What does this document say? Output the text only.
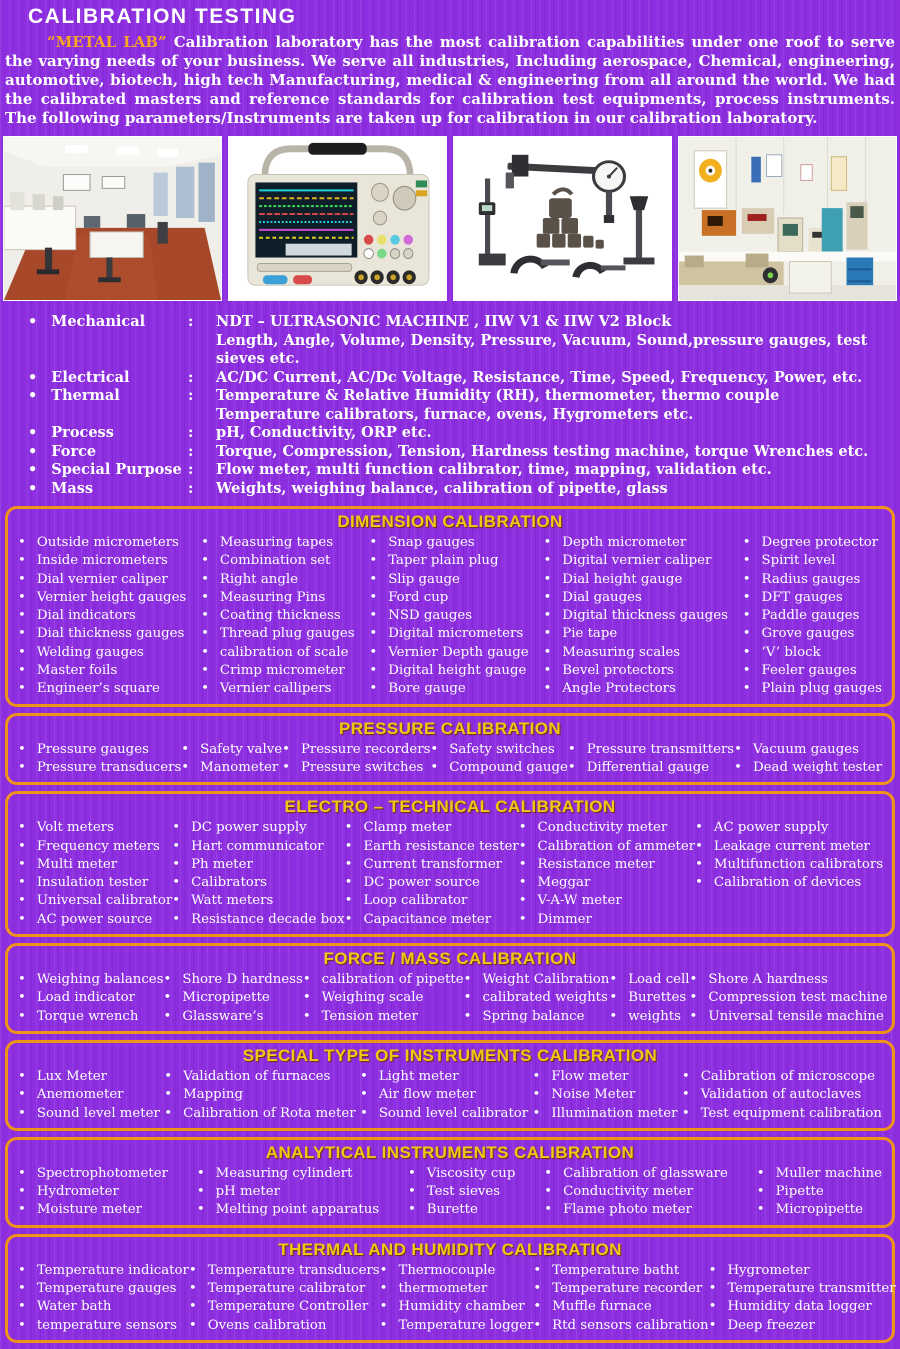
CALIBRATION TESTING

“METAL LAB” Calibration laboratory has the most calibration capabilities under one roof to serve the varying needs of your business. We serve all industries, Including aerospace, Chemical, engineering, automotive, biotech, high tech Manufacturing, medical & engineering from all around the world. We had the calibrated masters and reference standards for calibration test equipments, process instruments. The following parameters/Instruments are taken up for calibration in our calibration laboratory.

• Mechanical	:	NDT – ULTRASONIC MACHINE , IIW V1 & IIW V2 Block
Length, Angle, Volume, Density, Pressure, Vacuum, Sound,pressure gauges, test sieves etc.
• Electrical	:	AC/DC Current, AC/Dc Voltage, Resistance, Time, Speed, Frequency, Power, etc.
• Thermal	:	Temperature & Relative Humidity (RH), thermometer, thermo couple
Temperature calibrators, furnace, ovens, Hygrometers etc.
• Process	:	pH, Conductivity, ORP etc.
• Force	:	Torque, Compression, Tension, Hardness testing machine, torque Wrenches etc.
• Special Purpose :	Flow meter, multi function calibrator, time, mapping, validation etc.
• Mass	:	Weights, weighing balance, calibration of pipette, glass
DIMENSION CALIBRATION
• Outside micrometers
• Inside micrometers
• Dial vernier caliper
• Vernier height gauges
• Dial indicators
• Dial thickness gauges
• Welding gauges
• Master foils
• Engineer’s square
• Measuring tapes
• Combination set
• Right angle
• Measuring Pins
• Coating thickness
• Thread plug gauges
• calibration of scale
• Crimp micrometer
• Vernier callipers
• Snap gauges
• Taper plain plug
• Slip gauge
• Ford cup
• NSD gauges
• Digital micrometers
• Vernier Depth gauge
• Digital height gauge
• Bore gauge
• Depth micrometer
• Digital vernier caliper
• Dial height gauge
• Dial gauges
• Digital thickness gauges
• Pie tape
• Measuring scales
• Bevel protectors
• Angle Protectors
• Degree protector
• Spirit level
• Radius gauges
• DFT gauges
• Paddle gauges
• Grove gauges
• ’V’ block
• Feeler gauges
• Plain plug gauges
PRESSURE CALIBRATION
• Pressure gauges
• Pressure transducers
• Safety valve
• Manometer
• Pressure recorders
• Pressure switches
• Safety switches
• Compound gauge
• Pressure transmitters
• Differential gauge
• Vacuum gauges
• Dead weight tester
ELECTRO – TECHNICAL CALIBRATION
• Volt meters
• Frequency meters
• Multi meter
• Insulation tester
• Universal calibrator
• AC power source
• DC power supply
• Hart communicator
• Ph meter
• Calibrators
• Watt meters
• Resistance decade box
• Clamp meter
• Earth resistance tester
• Current transformer
• DC power source
• Loop calibrator
• Capacitance meter
• Conductivity meter
• Calibration of ammeter
• Resistance meter
• Meggar
• V-A-W meter
• Dimmer
• AC power supply
• Leakage current meter
• Multifunction calibrators
• Calibration of devices
FORCE / MASS CALIBRATION
• Weighing balances
• Load indicator
• Torque wrench
• Shore D hardness
• Micropipette
• Glassware’s
• calibration of pipette
• Weighing scale
• Tension meter
• Weight Calibration
• calibrated weights
• Spring balance
• Load cell
• Burettes
• weights
• Shore A hardness
• Compression test machine
• Universal tensile machine
SPECIAL TYPE OF INSTRUMENTS CALIBRATION
• Lux Meter
• Anemometer
• Sound level meter
• Validation of furnaces
• Mapping
• Calibration of Rota meter
• Light meter
• Air flow meter
• Sound level calibrator
• Flow meter
• Noise Meter
• Illumination meter
• Calibration of microscope
• Validation of autoclaves
• Test equipment calibration
ANALYTICAL INSTRUMENTS CALIBRATION
• Spectrophotometer
• Hydrometer
• Moisture meter
• Measuring cylindert
• pH meter
• Melting point apparatus
• Viscosity cup
• Test sieves
• Burette
• Calibration of glassware
• Conductivity meter
• Flame photo meter
• Muller machine
• Pipette
• Micropipette
THERMAL AND HUMIDITY CALIBRATION
• Temperature indicator
• Temperature gauges
• Water bath
• temperature sensors
• Temperature transducers
• Temperature calibrator
• Temperature Controller
• Ovens calibration
• Thermocouple
• thermometer
• Humidity chamber
• Temperature logger
• Temperature batht
• Temperature recorder
• Muffle furnace
• Rtd sensors calibration
• Hygrometer
• Temperature transmitter
• Humidity data logger
• Deep freezer
